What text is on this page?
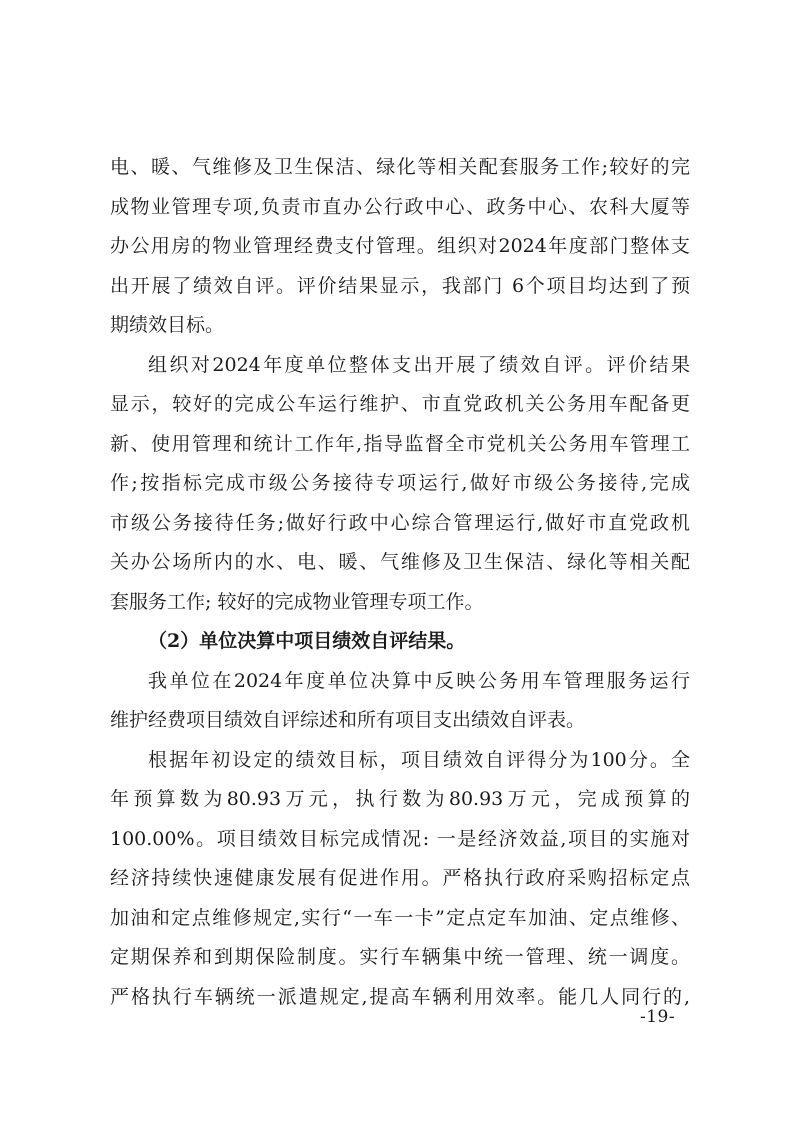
电、暖、气维修及卫生保洁、绿化等相关配套服务工作;较好的完
成物业管理专项,负责市直办公行政中心、政务中心、农科大厦等
办公用房的物业管理经费支付管理。组织对2024年度部门整体支
出开展了绩效自评。评价结果显示，我部门 6个项目均达到了预
期绩效目标。
组织对2024年度单位整体支出开展了绩效自评。评价结果
显示，较好的完成公车运行维护、市直党政机关公务用车配备更
新、使用管理和统计工作年,指导监督全市党机关公务用车管理工
作;按指标完成市级公务接待专项运行,做好市级公务接待,完成
市级公务接待任务;做好行政中心综合管理运行,做好市直党政机
关办公场所内的水、电、暖、气维修及卫生保洁、绿化等相关配
套服务工作; 较好的完成物业管理专项工作。
（2）单位决算中项目绩效自评结果。
我单位在2024年度单位决算中反映公务用车管理服务运行
维护经费项目绩效自评综述和所有项目支出绩效自评表。
根据年初设定的绩效目标，项目绩效自评得分为100分。全
年预算数为80.93万元，执行数为80.93万元，完成预算的
100.00%。项目绩效目标完成情况: 一是经济效益,项目的实施对
经济持续快速健康发展有促进作用。严格执行政府采购招标定点
加油和定点维修规定,实行“一车一卡”定点定车加油、定点维修、
定期保养和到期保险制度。实行车辆集中统一管理、统一调度。
严格执行车辆统一派遣规定,提高车辆利用效率。能几人同行的,
-19-
